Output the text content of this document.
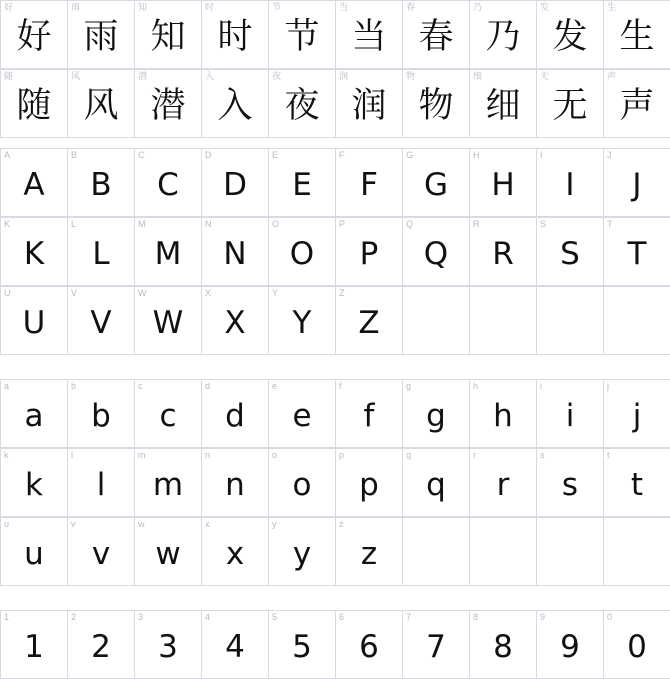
好
好
雨
雨
知
知
时
时
节
节
当
当
春
春
乃
乃
发
发
生
生
随
随
风
风
潜
潜
入
入
夜
夜
润
润
物
物
细
细
无
无
声
声
A
A
B
B
C
C
D
D
E
E
F
F
G
G
H
H
I
I
J
J
K
K
L
L
M
M
N
N
O
O
P
P
Q
Q
R
R
S
S
T
T
U
U
V
V
W
W
X
X
Y
Y
Z
Z
a
a
b
b
c
c
d
d
e
e
f
f
g
g
h
h
i
i
j
j
k
k
l
l
m
m
n
n
o
o
p
p
q
q
r
r
s
s
t
t
u
u
v
v
w
w
x
x
y
y
z
z
1
1
2
2
3
3
4
4
5
5
6
6
7
7
8
8
9
9
0
0
